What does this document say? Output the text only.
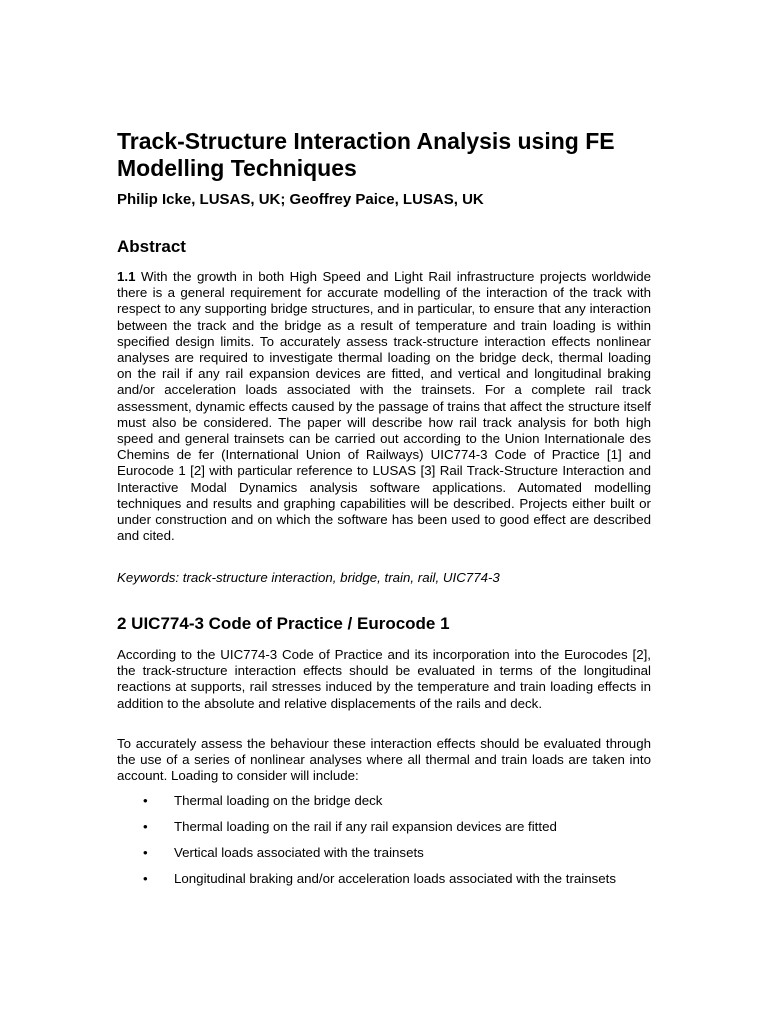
Track-Structure Interaction Analysis using FE Modelling Techniques

Philip Icke, LUSAS, UK; Geoffrey Paice, LUSAS, UK

Abstract

1.1 With the growth in both High Speed and Light Rail infrastructure projects worldwide there is a general requirement for accurate modelling of the interaction of the track with respect to any supporting bridge structures, and in particular, to ensure that any interaction between the track and the bridge as a result of temperature and train loading is within specified design limits. To accurately assess track-structure interaction effects nonlinear analyses are required to investigate thermal loading on the bridge deck, thermal loading on the rail if any rail expansion devices are fitted, and vertical and longitudinal braking and/or acceleration loads associated with the trainsets. For a complete rail track assessment, dynamic effects caused by the passage of trains that affect the structure itself must also be considered. The paper will describe how rail track analysis for both high speed and general trainsets can be carried out according to the Union Internationale des Chemins de fer (International Union of Railways) UIC774-3 Code of Practice [1] and Eurocode 1 [2] with particular reference to LUSAS [3] Rail Track-Structure Interaction and Interactive Modal Dynamics analysis software applications. Automated modelling techniques and results and graphing capabilities will be described. Projects either built or under construction and on which the software has been used to good effect are described and cited.

Keywords: track-structure interaction, bridge, train, rail, UIC774-3

2 UIC774-3 Code of Practice / Eurocode 1

According to the UIC774-3 Code of Practice and its incorporation into the Eurocodes [2], the track-structure interaction effects should be evaluated in terms of the longitudinal reactions at supports, rail stresses induced by the temperature and train loading effects in addition to the absolute and relative displacements of the rails and deck.

To accurately assess the behaviour these interaction effects should be evaluated through the use of a series of nonlinear analyses where all thermal and train loads are taken into account. Loading to consider will include:

• Thermal loading on the bridge deck
• Thermal loading on the rail if any rail expansion devices are fitted
• Vertical loads associated with the trainsets
• Longitudinal braking and/or acceleration loads associated with the trainsets
